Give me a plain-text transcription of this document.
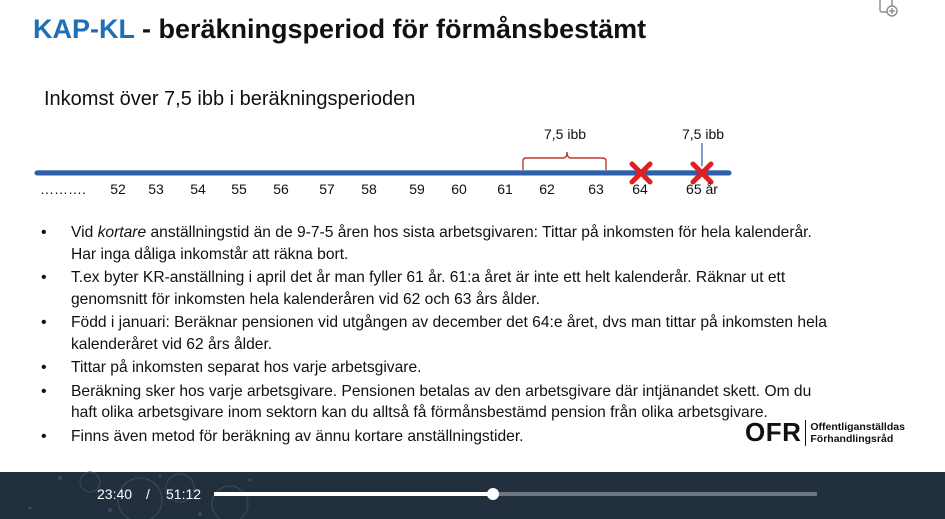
KAP-KL - beräkningsperiod för förmånsbestämt
Inkomst över 7,5 ibb i beräkningsperioden
7,5 ibb	7,5 ibb
………. 52 53 54 55 56 57 58 59 60 61 62 63 64	65 år
• Vid kortare anställningstid än de 9-7-5 åren hos sista arbetsgivaren: Tittar på inkomsten för hela kalenderår. Har inga dåliga inkomstår att räkna bort.
• T.ex byter KR-anställning i april det år man fyller 61 år. 61:a året är inte ett helt kalenderår. Räknar ut ett genomsnitt för inkomsten hela kalenderåren vid 62 och 63 års ålder.
• Född i januari: Beräknar pensionen vid utgången av december det 64:e året, dvs man tittar på inkomsten hela kalenderåret vid 62 års ålder.
• Tittar på inkomsten separat hos varje arbetsgivare.
• Beräkning sker hos varje arbetsgivare. Pensionen betalas av den arbetsgivare där intjänandet skett. Om du haft olika arbetsgivare inom sektorn kan du alltså få förmånsbestämd pension från olika arbetsgivare.
• Finns även metod för beräkning av ännu kortare anställningstider.	OFR Offentliganställdas
Förhandlingsråd

23:40 / 51:12
